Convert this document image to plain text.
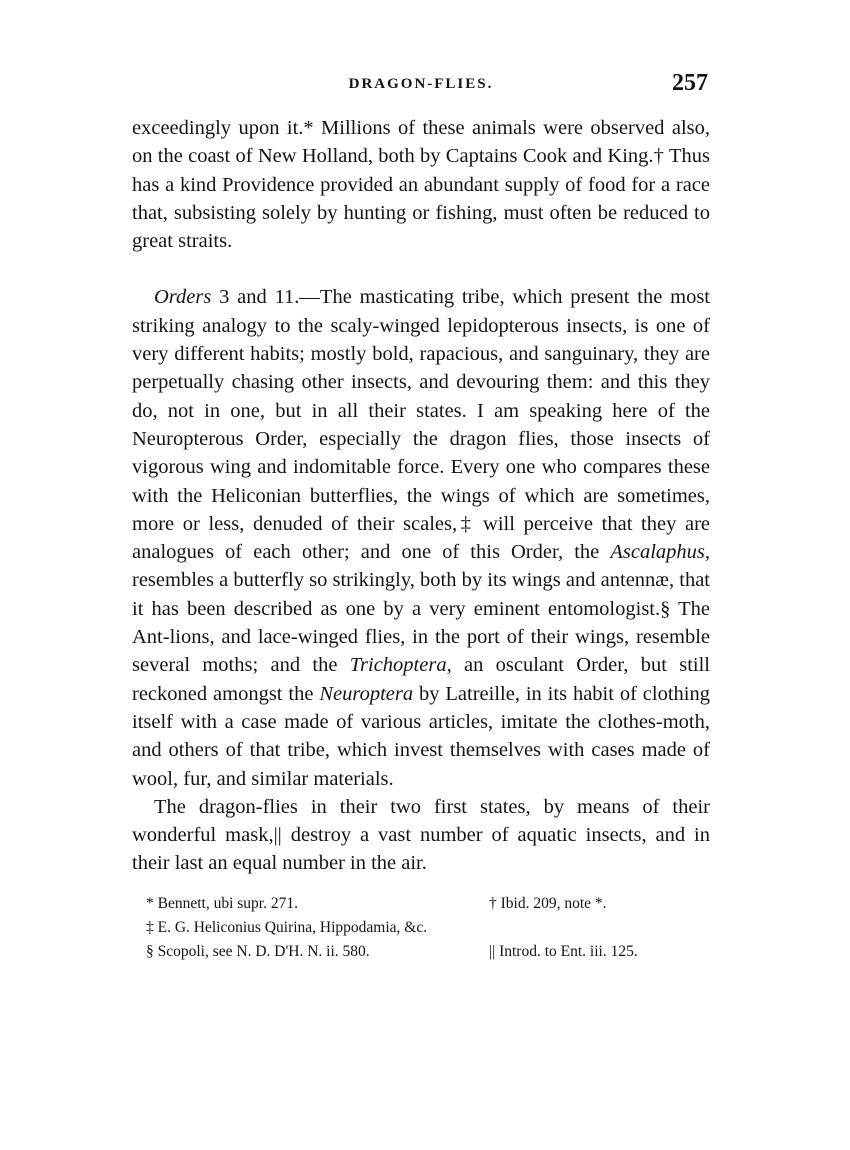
DRAGON-FLIES.	257

exceedingly upon it.* Millions of these animals were observed also, on the coast of New Holland, both by Captains Cook and King.† Thus has a kind Providence provided an abundant supply of food for a race that, subsisting solely by hunting or fishing, must often be reduced to great straits.

Orders 3 and 11.—The masticating tribe, which present the most striking analogy to the scaly-winged lepidopterous insects, is one of very different habits; mostly bold, rapacious, and sanguinary, they are perpetually chasing other insects, and devouring them: and this they do, not in one, but in all their states. I am speaking here of the Neuropterous Order, especially the dragon flies, those insects of vigorous wing and indomitable force. Every one who compares these with the Heliconian butterflies, the wings of which are sometimes, more or less, denuded of their scales,‡ will perceive that they are analogues of each other; and one of this Order, the Ascalaphus, resembles a butterfly so strikingly, both by its wings and antennæ, that it has been described as one by a very eminent entomologist.§ The Ant-lions, and lace-winged flies, in the port of their wings, resemble several moths; and the Trichoptera, an osculant Order, but still reckoned amongst the Neuroptera by Latreille, in its habit of clothing itself with a case made of various articles, imitate the clothes-moth, and others of that tribe, which invest themselves with cases made of wool, fur, and similar materials.

The dragon-flies in their two first states, by means of their wonderful mask,|| destroy a vast number of aquatic insects, and in their last an equal number in the air.

* Bennett, ubi supr. 271.	† Ibid. 209, note *.
‡ E. G. Heliconius Quirina, Hippodamia, &c.
§ Scopoli, see N. D. D'H. N. ii. 580.	|| Introd. to Ent. iii. 125.
